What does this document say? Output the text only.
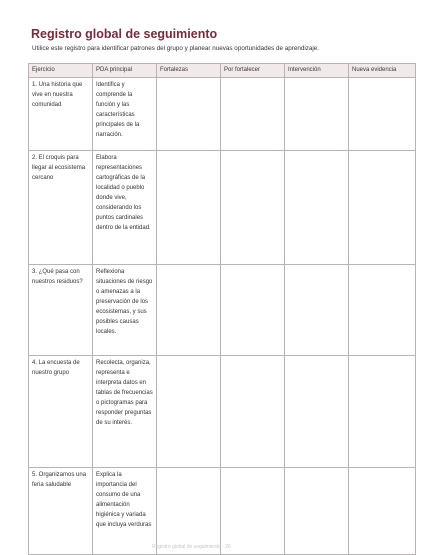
Registro global de seguimiento

Utilice este registro para identificar patrones del grupo y planear nuevas oportunidades de aprendizaje.

Ejercicio	PDA principal	Fortalezas	Por fortalecer	Intervención	Nueva evidencia
1. Una historia que vive en nuestra comunidad	Identifica y comprende la función y las características principales de la narración.				
2. El croquis para llegar al ecosistema cercano	Elabora representaciones cartográficas de la localidad o pueblo donde vive, considerando los puntos cardinales dentro de la entidad.				
3. ¿Qué pasa con nuestros residuos?	Reflexiona situaciones de riesgo o amenazas a la preservación de los ecosistemas, y sus posibles causas locales.				
4. La encuesta de nuestro grupo	Recolecta, organiza, representa e interpreta datos en tablas de frecuencias o pictogramas para responder preguntas de su interés.				
5. Organizamos una feria saludable	Explica la importancia del consumo de una alimentación higiénica y variada que incluya verduras				
Registro global de seguimiento · 26
